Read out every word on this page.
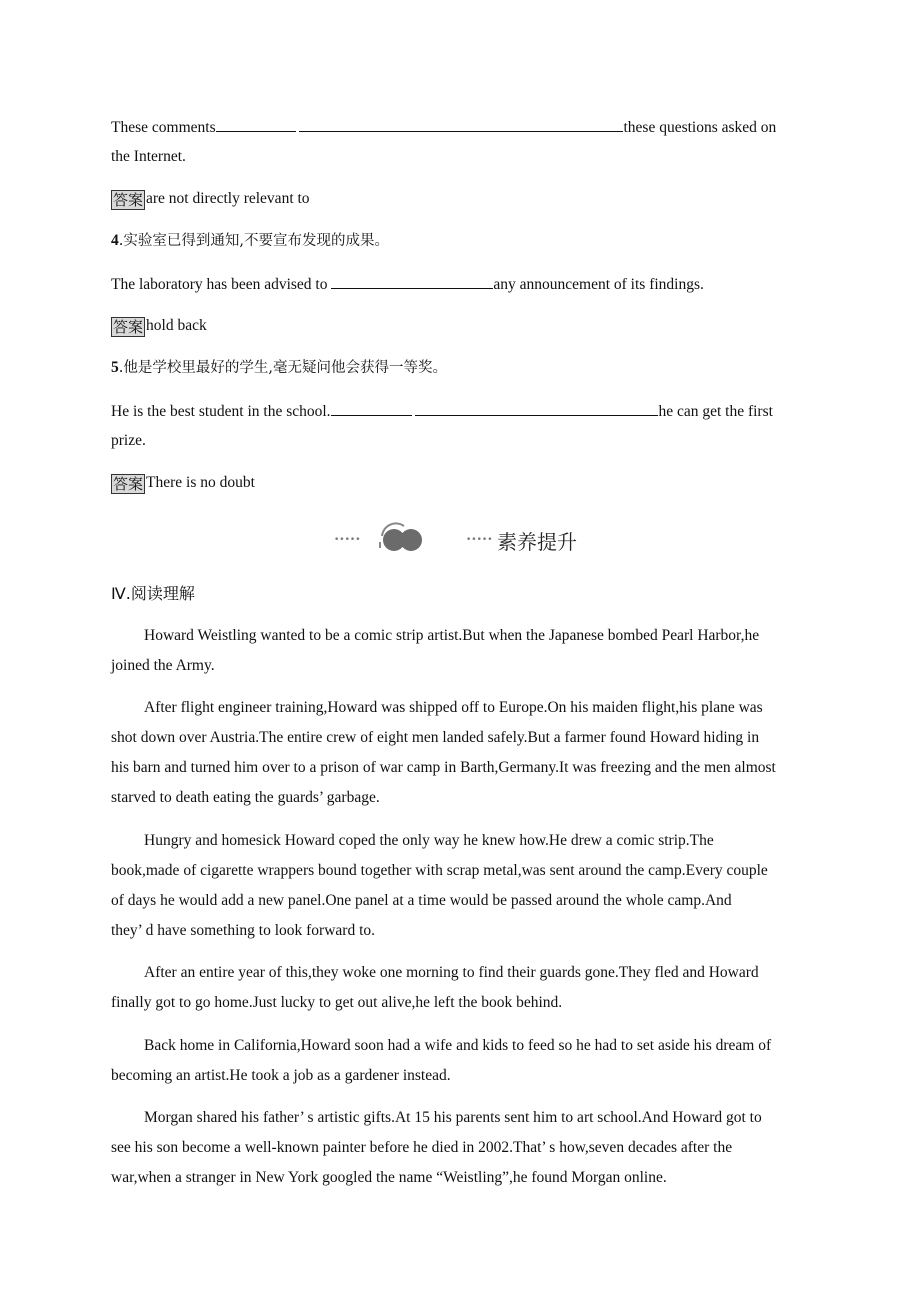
These comments	these questions asked on
the Internet.
答案 are not directly relevant to
4.实验室已得到通知,不要宣布发现的成果。
The laboratory has been advised to	any announcement of its findings.
答案 hold back
5.他是学校里最好的学生,毫无疑问他会获得一等奖。
He is the best student in the school.	he can get the first
prize.
答案 There is no doubt
•••••	••••• 素养提升
Ⅳ.阅读理解
Howard Weistling wanted to be a comic strip artist.But when the Japanese bombed Pearl Harbor,he
joined the Army.
After flight engineer training,Howard was shipped off to Europe.On his maiden flight,his plane was
shot down over Austria.The entire crew of eight men landed safely.But a farmer found Howard hiding in
his barn and turned him over to a prison of war camp in Barth,Germany.It was freezing and the men almost
starved to death eating the guards’ garbage.
Hungry and homesick Howard coped the only way he knew how.He drew a comic strip.The
book,made of cigarette wrappers bound together with scrap metal,was sent around the camp.Every couple
of days he would add a new panel.One panel at a time would be passed around the whole camp.And
they’ d have something to look forward to.
After an entire year of this,they woke one morning to find their guards gone.They fled and Howard
finally got to go home.Just lucky to get out alive,he left the book behind.
Back home in California,Howard soon had a wife and kids to feed so he had to set aside his dream of
becoming an artist.He took a job as a gardener instead.
Morgan shared his father’ s artistic gifts.At 15 his parents sent him to art school.And Howard got to
see his son become a well-known painter before he died in 2002.That’ s how,seven decades after the
war,when a stranger in New York googled the name “Weistling”,he found Morgan online.
